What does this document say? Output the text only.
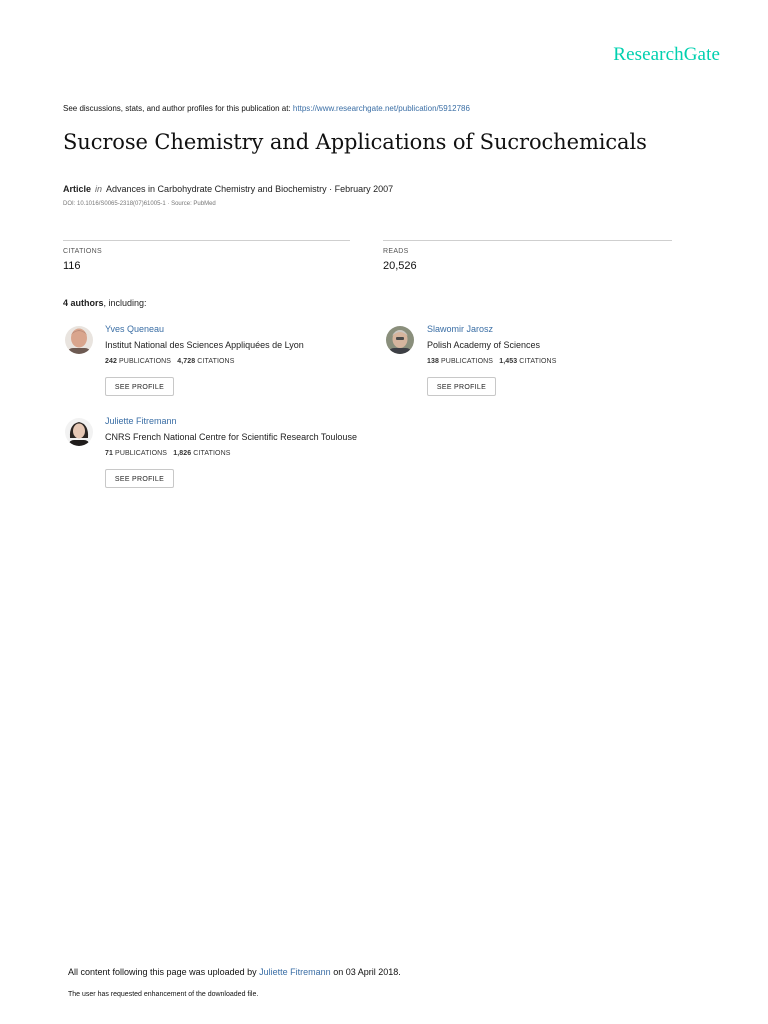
ResearchGate
See discussions, stats, and author profiles for this publication at: https://www.researchgate.net/publication/5912786
Sucrose Chemistry and Applications of Sucrochemicals
Article in Advances in Carbohydrate Chemistry and Biochemistry · February 2007
DOI: 10.1016/S0065-2318(07)61005-1 · Source: PubMed
CITATIONS
116
READS
20,526
4 authors, including:
Yves Queneau
Institut National des Sciences Appliquées de Lyon
242 PUBLICATIONS 4,728 CITATIONS
SEE PROFILE
Slawomir Jarosz
Polish Academy of Sciences
138 PUBLICATIONS 1,453 CITATIONS
SEE PROFILE
Juliette Fitremann
CNRS French National Centre for Scientific Research Toulouse
71 PUBLICATIONS 1,826 CITATIONS
SEE PROFILE
All content following this page was uploaded by Juliette Fitremann on 03 April 2018.
The user has requested enhancement of the downloaded file.
